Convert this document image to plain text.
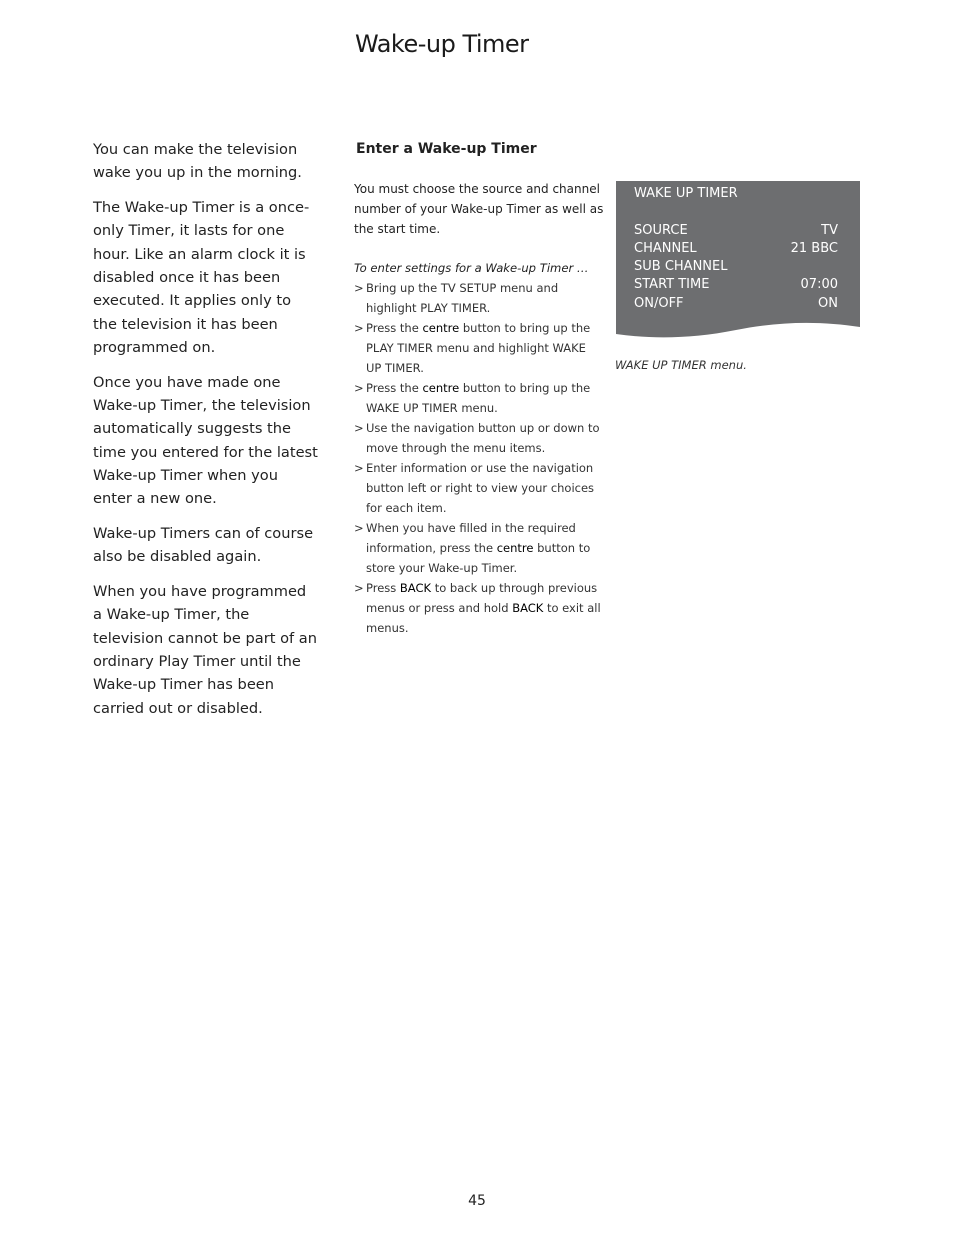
Wake-up Timer

You can make the television wake you up in the morning.

The Wake-up Timer is a once-only Timer, it lasts for one hour. Like an alarm clock it is disabled once it has been executed. It applies only to the television it has been programmed on.

Once you have made one Wake-up Timer, the television automatically suggests the time you entered for the latest Wake-up Timer when you enter a new one.

Wake-up Timers can of course also be disabled again.

When you have programmed a Wake-up Timer, the television cannot be part of an ordinary Play Timer until the Wake-up Timer has been carried out or disabled.

Enter a Wake-up Timer

You must choose the source and channel number of your Wake-up Timer as well as the start time.

To enter settings for a Wake-up Timer …

> Bring up the TV SETUP menu and highlight PLAY TIMER.
> Press the centre button to bring up the PLAY TIMER menu and highlight WAKE UP TIMER.
> Press the centre button to bring up the WAKE UP TIMER menu.
> Use the navigation button up or down to move through the menu items.
> Enter information or use the navigation button left or right to view your choices for each item.
> When you have filled in the required information, press the centre button to store your Wake-up Timer.
> Press BACK to back up through previous menus or press and hold BACK to exit all menus.
WAKE UP TIMER
SOURCE	TV
CHANNEL	21 BBC
SUB CHANNEL
START TIME	07:00
ON/OFF	ON
WAKE UP TIMER menu.
45
